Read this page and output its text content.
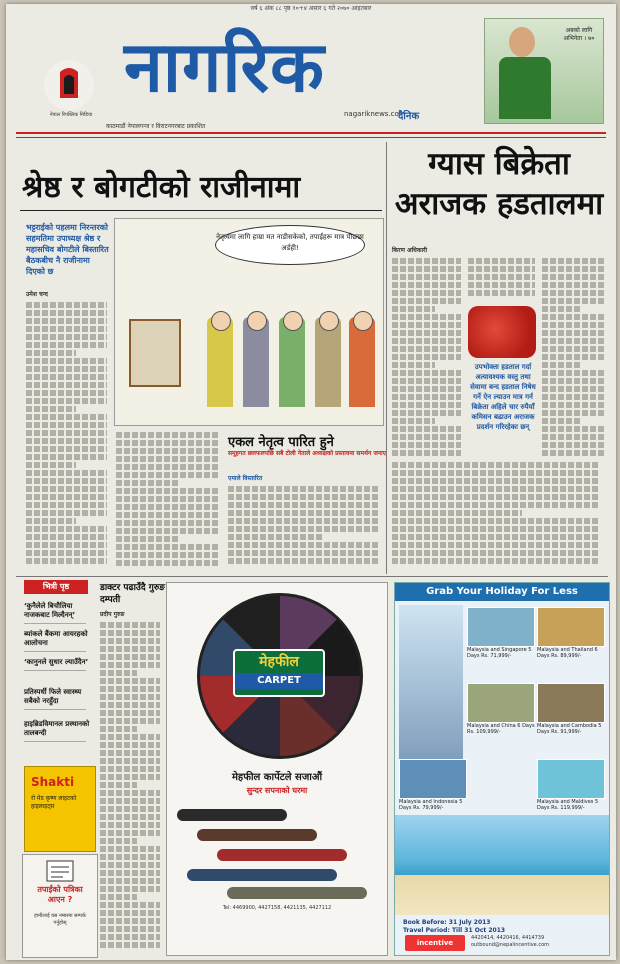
वर्ष ६ अंक ८८ पृष्ठ १०+४ असार ६ गते २०७० आइतबार
नेपाल रिपब्लिक मिडिया
नागरिक
nagariknews.com
दैनिक
काठमाडौं नेपालगन्ज र विराटनगरबाट प्रकाशित
अबको लागि
अभिनेता । ७०
श्रेष्ठ र बोगटीको राजीनामा
भट्टराईको पहलमा निरन्तरको सहमतिमा उपाध्यक्ष श्रेष्ठ र महासचिव बोगटीले बिस्तारित बैठकबीच नै राजीनामा दिएको छ
उमेश चन्द
नेतृत्वमा लागि हाम्रा मत नाडीसकेको, तपाईंहरू मात्र पीछ्छा अर्डही!
एकल नेतृत्व पारित हुने
समूहगत छलफलपछि सबै टोली नेताले अध्यक्षको प्रस्तावमा समर्थन जनाए
एमाले विस्तारित
ग्यास बिक्रेता अराजक हडतालमा
किरण अधिकारी
उपभोक्ता हडताल गर्दा अत्यावश्यक वस्तु तथा सेवामा बन्द हडताल निषेध गर्ने ऐन ल्याउन मात्र गर्न बिक्रेता अहिले चार रुपैयाँ कमिसन बढाउन अराजक प्रदर्शन गरिरहेका छन्
भित्री पृष्ठ
‘कुनैलेले बिचौलिया नाजकबाट मिल्दैनन्’
ब्यांकले बैंकमा आयरहको आलोचना
‘कानुनले सुधार ल्याउँदैन’
प्रतिस्पर्धी फिले स्वास्थ्य सबैको नरहुँदा
हाइब्रिडविमानल प्रस्थानको तालबन्दी
Shakti
रो मेड कृष्ण लाइटको हाइलाइट्स
तपाईंको पत्रिका आएन ?
हामीलाई यस नम्बरमा सम्पर्क गर्नुहोस्
डाक्टर पढाउँदै गुरुङ दम्पती
प्रदीप गुरुङ
मेहफील
CARPET
मेहफील कार्पेटले सजाऔं
सुन्दर सपनाको घरमा
Tel: 4469900, 4427158, 4421135, 4427112
Grab Your Holiday For Less
Malaysia and Singapore 5 Days Rs. 71,999/-
Malaysia and Thailand 6 Days Rs. 89,999/-
Malaysia and China 6 Days Rs. 109,999/-
Malaysia and Cambodia 5 Days Rs. 91,999/-
Malaysia and Indonesia 5 Days Rs. 79,999/-
Malaysia and Maldives 5 Days Rs. 119,999/-
Book Before: 31 July 2013
Travel Period: Till 31 Oct 2013
incentive
4420414, 4420416, 4414739 outbound@nepalincentive.com
